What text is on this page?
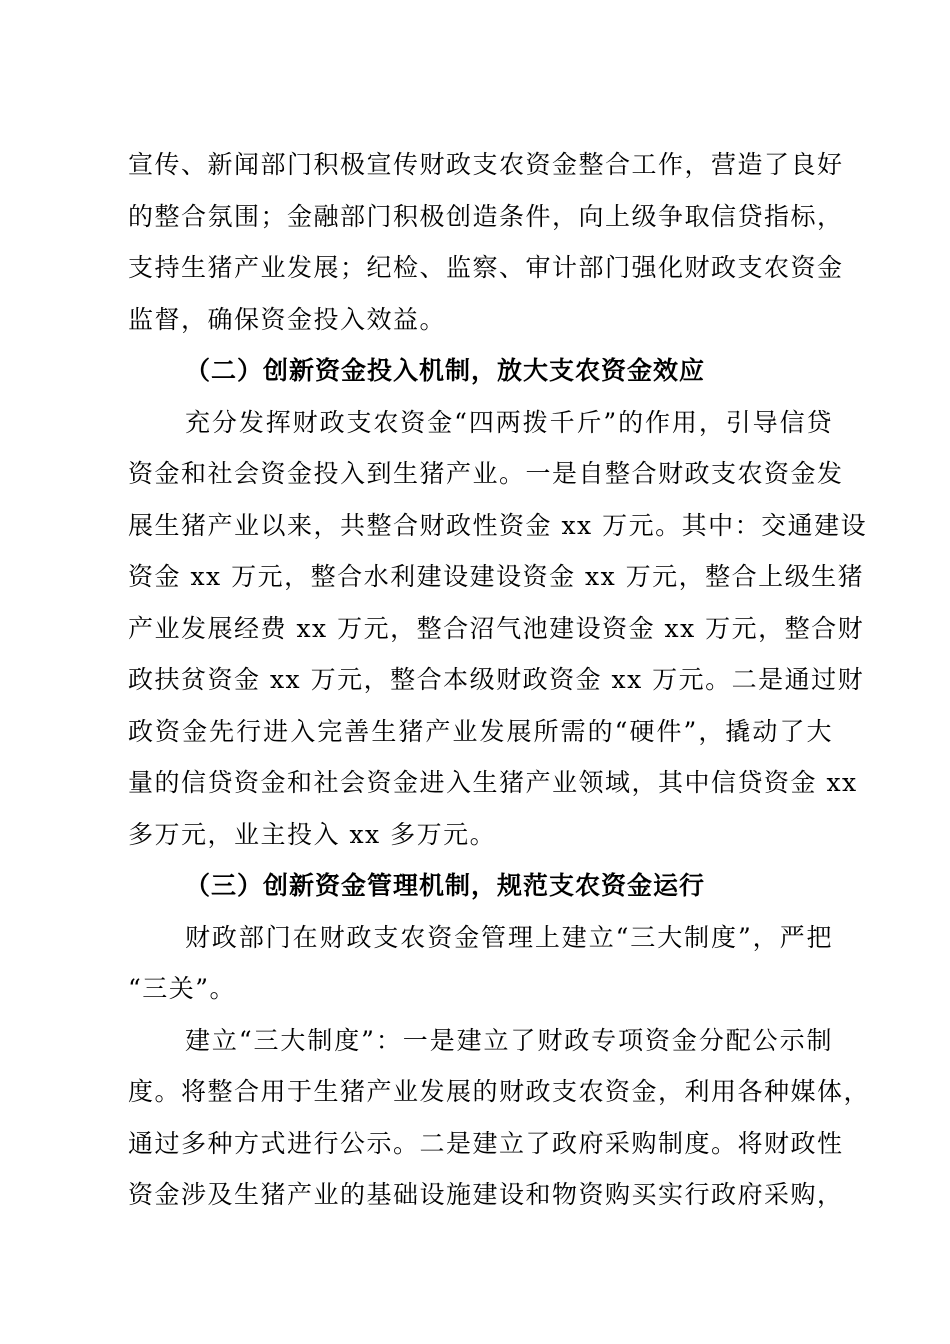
宣传、新闻部门积极宣传财政支农资金整合工作，营造了良好
的整合氛围；金融部门积极创造条件，向上级争取信贷指标，
支持生猪产业发展；纪检、监察、审计部门强化财政支农资金
监督，确保资金投入效益。
（二）创新资金投入机制，放大支农资金效应
充分发挥财政支农资金“四两拨千斤”的作用，引导信贷
资金和社会资金投入到生猪产业。一是自整合财政支农资金发
展生猪产业以来，共整合财政性资金 xx 万元。其中：交通建设
资金 xx 万元，整合水利建设建设资金 xx 万元，整合上级生猪
产业发展经费 xx 万元，整合沼气池建设资金 xx 万元，整合财
政扶贫资金 xx 万元，整合本级财政资金 xx 万元。二是通过财
政资金先行进入完善生猪产业发展所需的“硬件”，撬动了大
量的信贷资金和社会资金进入生猪产业领域，其中信贷资金 xx
多万元，业主投入 xx 多万元。
（三）创新资金管理机制，规范支农资金运行
财政部门在财政支农资金管理上建立“三大制度”，严把
“三关”。
建立“三大制度”：一是建立了财政专项资金分配公示制
度。将整合用于生猪产业发展的财政支农资金，利用各种媒体，
通过多种方式进行公示。二是建立了政府采购制度。将财政性
资金涉及生猪产业的基础设施建设和物资购买实行政府采购，
